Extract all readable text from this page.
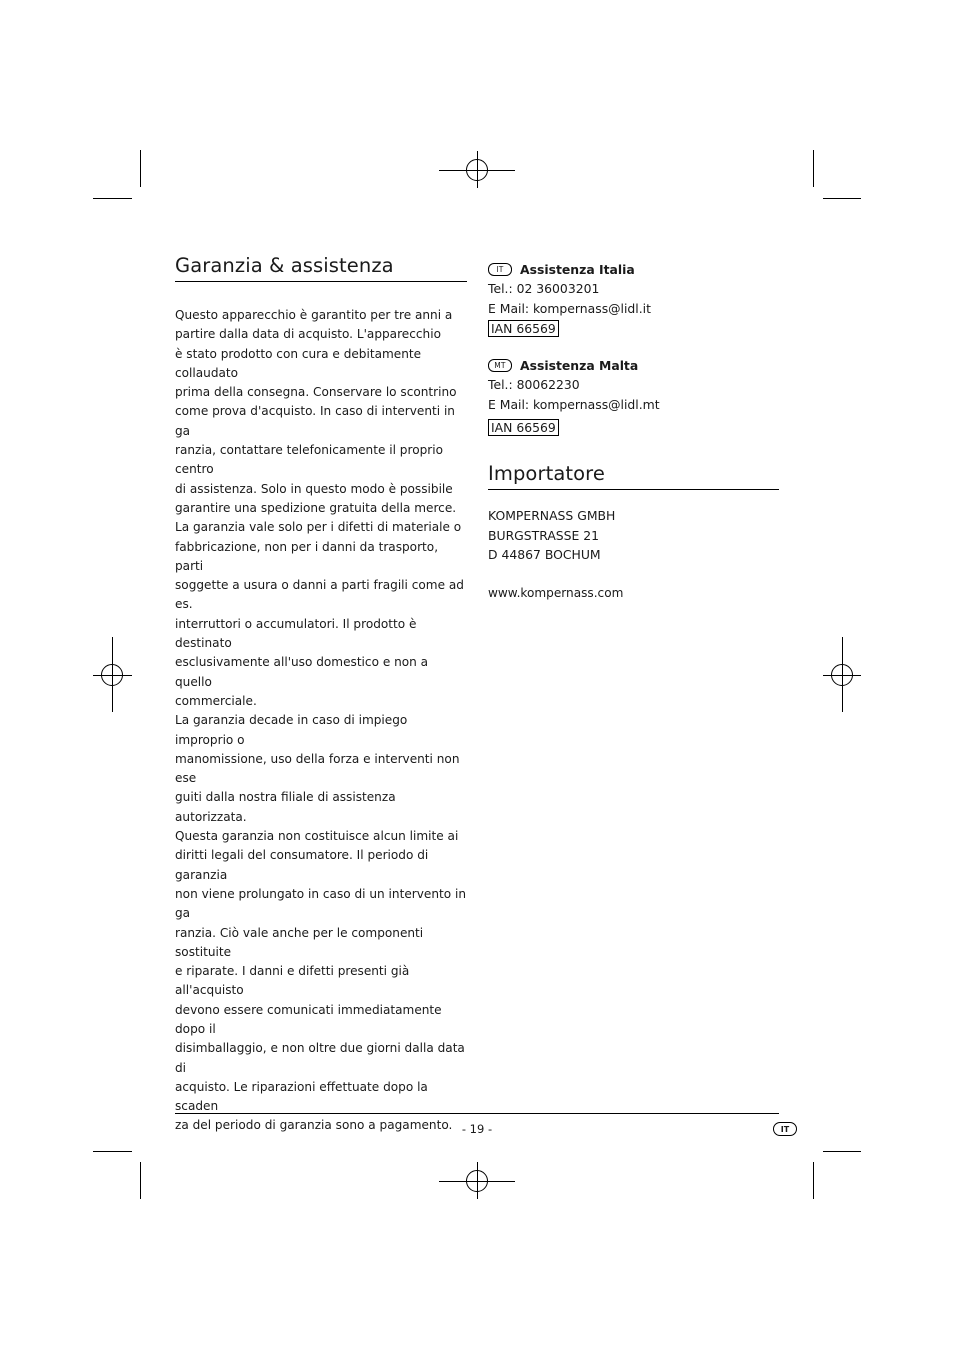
Garanzia & assistenza

Questo apparecchio è garantito per tre anni a

partire dalla data di acquisto. L'apparecchio

è stato prodotto con cura e debitamente collaudato

prima della consegna. Conservare lo scontrino

come prova d'acquisto. In caso di interventi in ga

ranzia, contattare telefonicamente il proprio centro

di assistenza. Solo in questo modo è possibile

garantire una spedizione gratuita della merce.

La garanzia vale solo per i difetti di materiale o

fabbricazione, non per i danni da trasporto, parti

soggette a usura o danni a parti fragili come ad es.

interruttori o accumulatori. Il prodotto è destinato

esclusivamente all'uso domestico e non a quello

commerciale.

La garanzia decade in caso di impiego improprio o

manomissione, uso della forza e interventi non ese

guiti dalla nostra filiale di assistenza autorizzata.

Questa garanzia non costituisce alcun limite ai

diritti legali del consumatore. Il periodo di garanzia

non viene prolungato in caso di un intervento in ga

ranzia. Ciò vale anche per le componenti sostituite

e riparate. I danni e difetti presenti già all'acquisto

devono essere comunicati immediatamente dopo il

disimballaggio, e non oltre due giorni dalla data di

acquisto. Le riparazioni effettuate dopo la scaden

za del periodo di garanzia sono a pagamento.

IT	Assistenza Italia
Tel.: 02 36003201
E Mail: kompernass@lidl.it
IAN 66569
MT	Assistenza Malta
Tel.: 80062230
E Mail: kompernass@lidl.mt
IAN 66569
Importatore
KOMPERNASS GMBH
BURGSTRASSE 21
D 44867 BOCHUM
www.kompernass.com
- 19 -	IT
